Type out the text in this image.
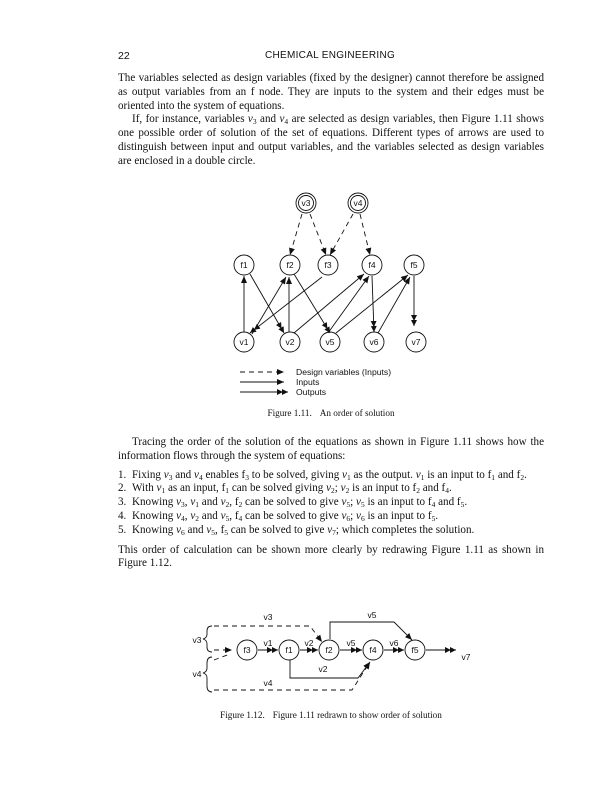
22	CHEMICAL ENGINEERING

The variables selected as design variables (fixed by the designer) cannot therefore be assigned as output variables from an f node. They are inputs to the system and their edges must be oriented into the system of equations.

If, for instance, variables $v_3$ and $v_4$ are selected as design variables, then Figure 1.11 shows one possible order of solution of the set of equations. Different types of arrows are used to distinguish between input and output variables, and the variables selected as design variables are enclosed in a double circle.

v3	v4
f1	f2	f3	f4	f5
v1	v2	v5	v6	v7
Design variables (Inputs)
Inputs
Outputs
Figure 1.11. An order of solution

Tracing the order of the solution of the equations as shown in Figure 1.11 shows how the information flows through the system of equations:

1. Fixing $v_3$ and $v_4$ enables $f_3$ to be solved, giving $v_1$ as the output. $v_1$ is an input to $f_1$ and $f_2$.
2. With $v_1$ as an input, $f_1$ can be solved giving $v_2$; $v_2$ is an input to $f_2$ and $f_4$.
3. Knowing $v_3$, $v_1$ and $v_2$, $f_2$ can be solved to give $v_5$; $v_5$ is an input to $f_4$ and $f_5$.
4. Knowing $v_4$, $v_2$ and $v_5$, $f_4$ can be solved to give $v_6$; $v_6$ is an input to $f_5$.
5. Knowing $v_6$ and $v_5$, $f_5$ can be solved to give $v_7$; which completes the solution.

This order of calculation can be shown more clearly by redrawing Figure 1.11 as shown in Figure 1.12.

f3	f1	f2	f4	f5
v3	v5
v3
v4
v1	v2	v5	v6
v2
v4
v7
Figure 1.12. Figure 1.11 redrawn to show order of solution
